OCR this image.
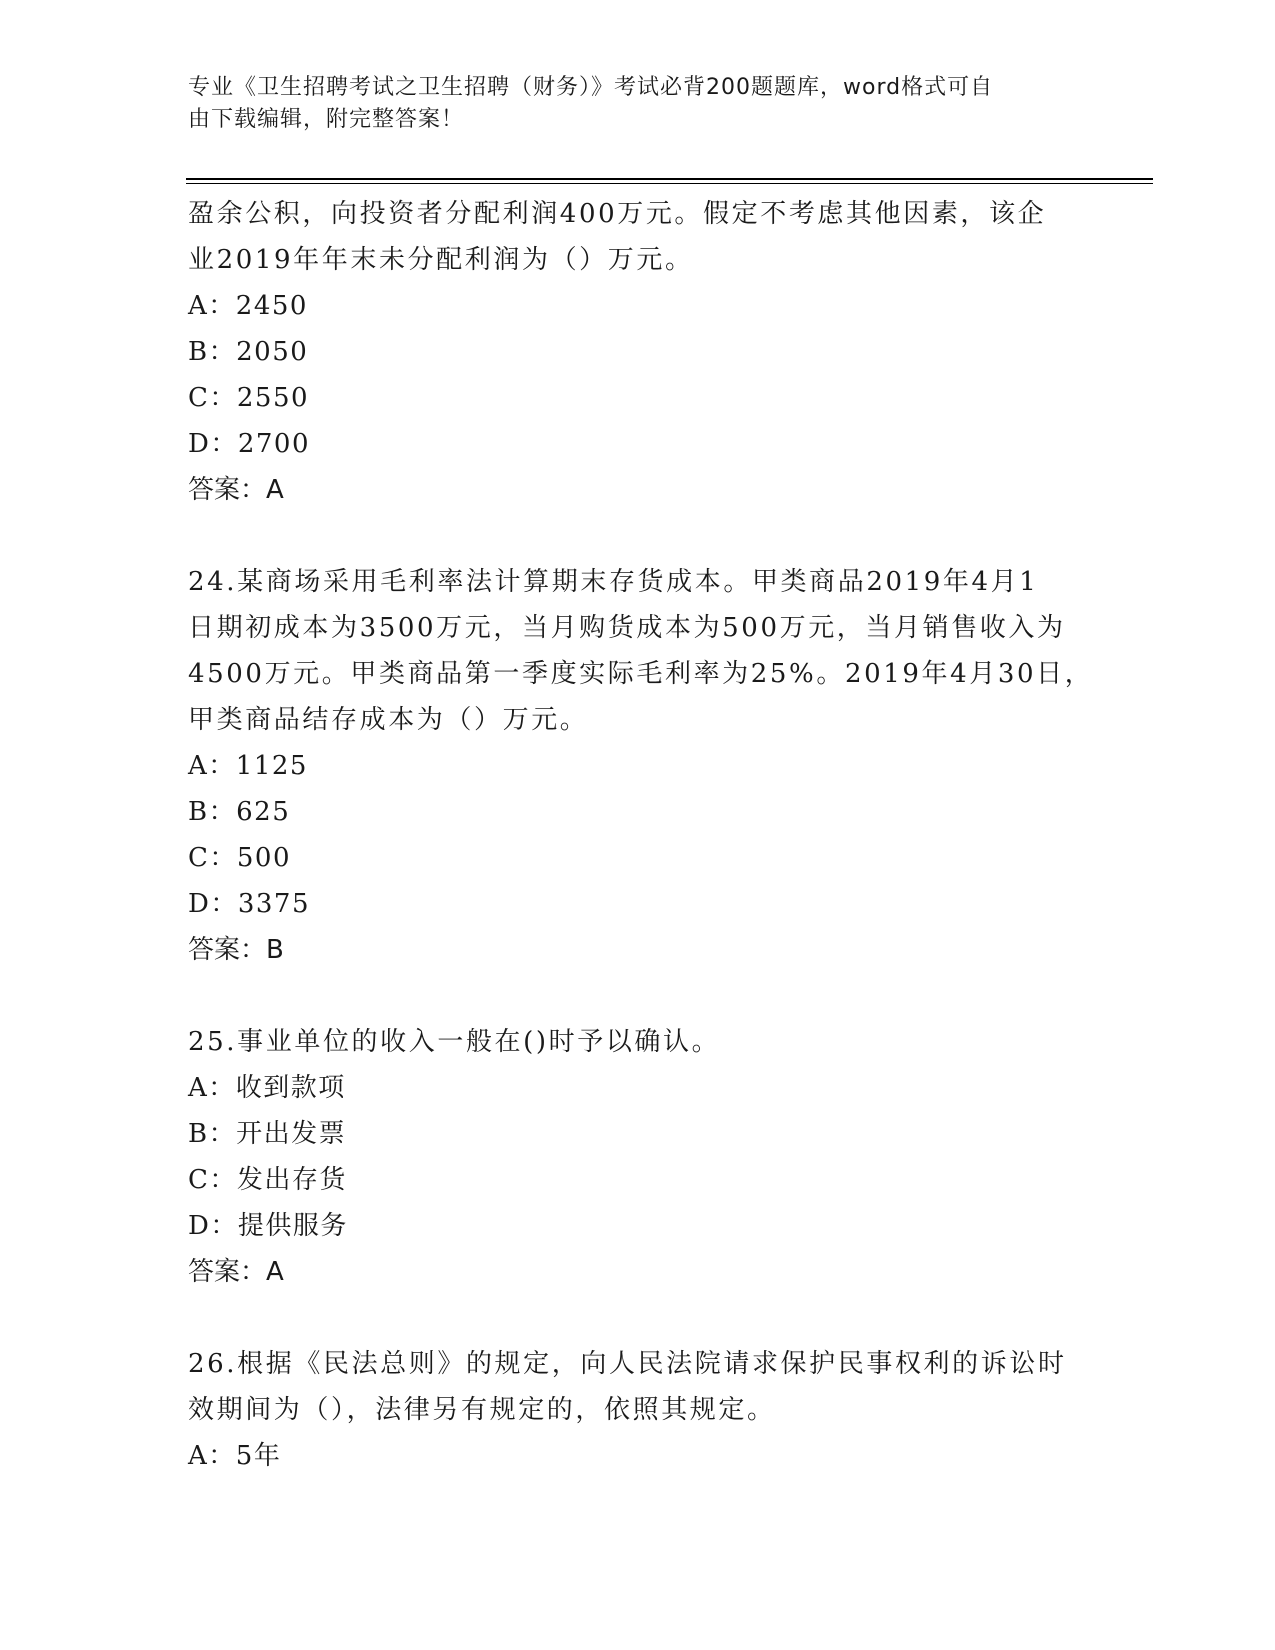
专业《卫生招聘考试之卫生招聘（财务）》考试必背200题题库，word格式可自
由下载编辑，附完整答案！

盈余公积，向投资者分配利润400万元。假定不考虑其他因素，该企

业2019年年末未分配利润为（）万元。

A：2450

B：2050

C：2550

D：2700

答案：A

24.某商场采用毛利率法计算期末存货成本。甲类商品2019年4月1

日期初成本为3500万元，当月购货成本为500万元，当月销售收入为

4500万元。甲类商品第一季度实际毛利率为25%。2019年4月30日，

甲类商品结存成本为（）万元。

A：1125

B：625

C：500

D：3375

答案：B

25.事业单位的收入一般在()时予以确认。

A：收到款项

B：开出发票

C：发出存货

D：提供服务

答案：A

26.根据《民法总则》的规定，向人民法院请求保护民事权利的诉讼时

效期间为（），法律另有规定的，依照其规定。

A：5年
